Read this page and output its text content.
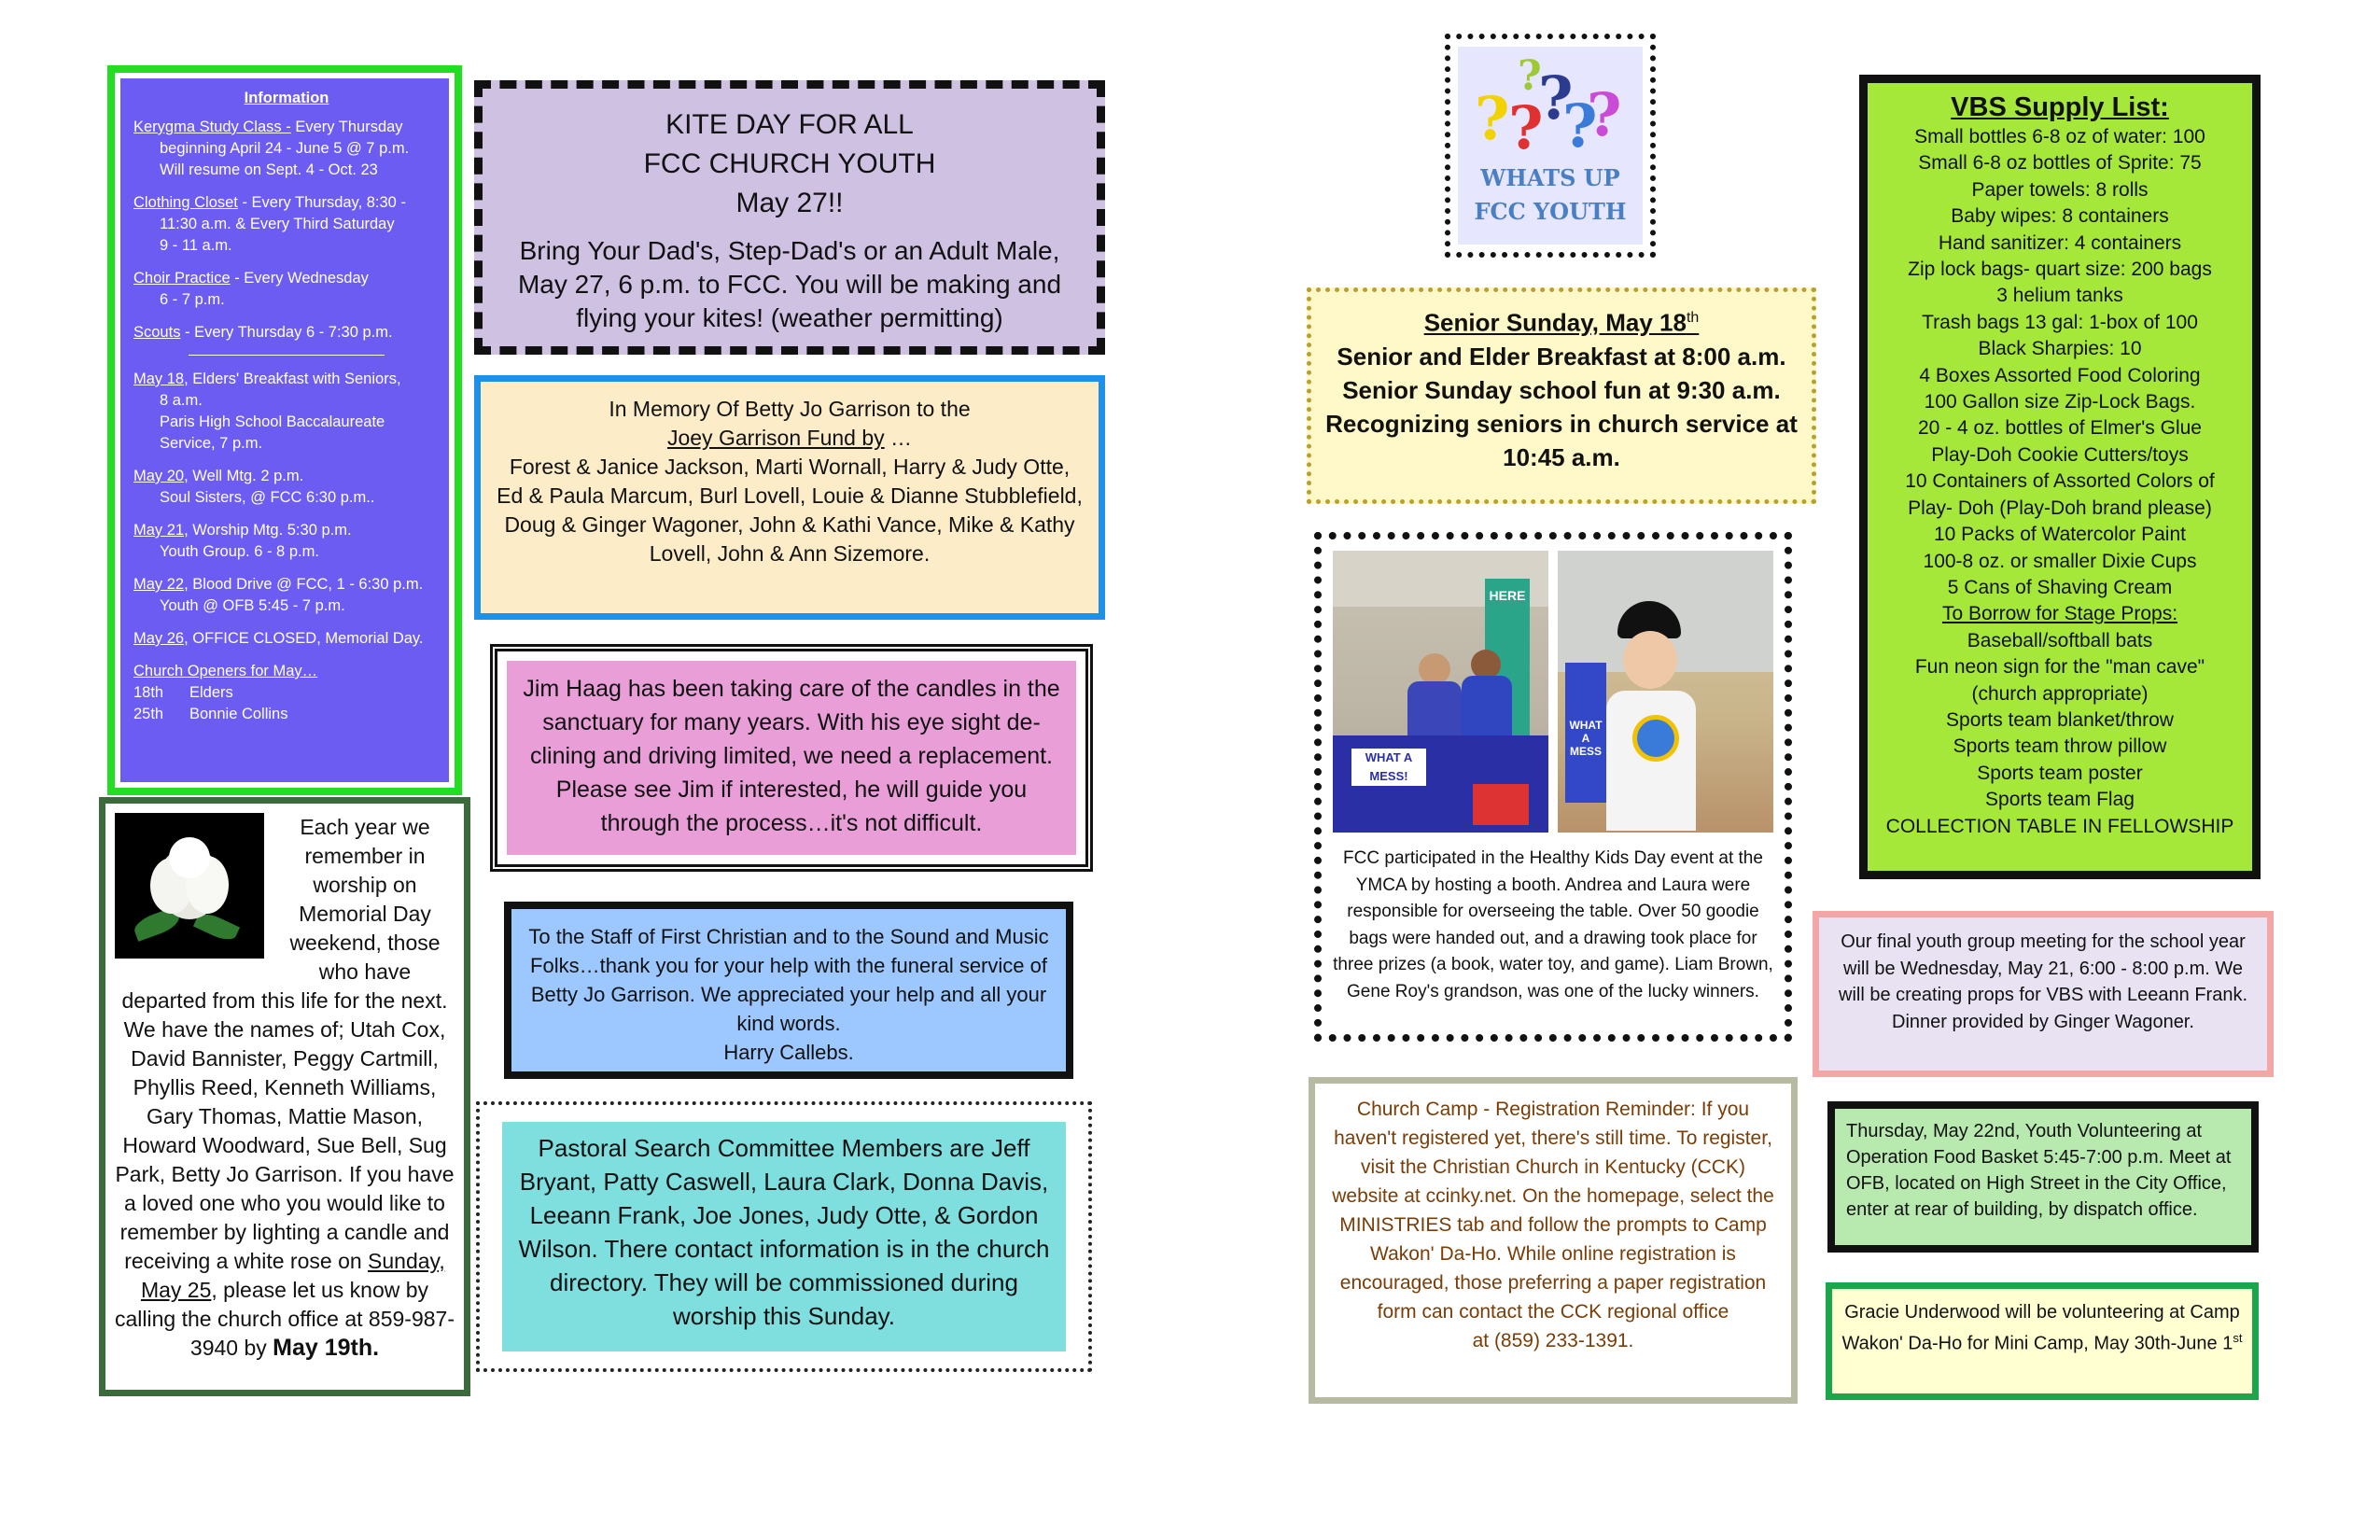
Information
Kerygma Study Class - Every Thursday
beginning April 24 - June 5 @ 7 p.m.
Will resume on Sept. 4 - Oct. 23
Clothing Closet - Every Thursday, 8:30 -
11:30 a.m. & Every Third Saturday
9 - 11 a.m.
Choir Practice - Every Wednesday
6 - 7 p.m.
Scouts - Every Thursday 6 - 7:30 p.m.
May 18, Elders' Breakfast with Seniors,
8 a.m.
Paris High School Baccalaureate
Service, 7 p.m.
May 20, Well Mtg. 2 p.m.
Soul Sisters, @ FCC 6:30 p.m..
May 21, Worship Mtg. 5:30 p.m.
Youth Group. 6 - 8 p.m.
May 22, Blood Drive @ FCC, 1 - 6:30 p.m.
Youth @ OFB 5:45 - 7 p.m.
May 26, OFFICE CLOSED, Memorial Day.
Church Openers for May…
18th	Elders
25th	Bonnie Collins
KITE DAY FOR ALL
FCC CHURCH YOUTH
May 27!!

Bring Your Dad's, Step-Dad's or an Adult Male, May 27, 6 p.m. to FCC. You will be making and flying your kites! (weather permitting)

In Memory Of Betty Jo Garrison to the

Joey Garrison Fund by …

Forest & Janice Jackson, Marti Wornall, Harry & Judy Otte, Ed & Paula Marcum, Burl Lovell, Louie & Dianne Stubblefield, Doug & Ginger Wagoner, John & Kathi Vance, Mike & Kathy Lovell, John & Ann Sizemore.

Jim Haag has been taking care of the candles in the sanctuary for many years. With his eye sight de-clining and driving limited, we need a replacement. Please see Jim if interested, he will guide you through the process…it's not difficult.

To the Staff of First Christian and to the Sound and Music Folks…thank you for your help with the funeral service of Betty Jo Garrison. We appreciated your help and all your kind words.

Harry Callebs.

Each year we remember in worship on Memorial Day weekend, those who have departed from this life for the next. We have the names of; Utah Cox, David Bannister, Peggy Cartmill, Phyllis Reed, Kenneth Williams, Gary Thomas, Mattie Mason, Howard Woodward, Sue Bell, Sug Park, Betty Jo Garrison. If you have a loved one who you would like to remember by lighting a candle and receiving a white rose on Sunday, May 25, please let us know by calling the church office at 859-987-3940 by May 19th.

Pastoral Search Committee Members are Jeff Bryant, Patty Caswell, Laura Clark, Donna Davis, Leeann Frank, Joe Jones, Judy Otte, & Gordon Wilson. There contact information is in the church directory. They will be commissioned during worship this Sunday.

?
?
?
?
?
?
WHATS UP
FCC YOUTH

Senior Sunday, May 18th

Senior and Elder Breakfast at 8:00 a.m.
Senior Sunday school fun at 9:30 a.m.
Recognizing seniors in church service at 10:45 a.m.
HERE
WHAT A MESS!
WHAT A MESS

FCC participated in the Healthy Kids Day event at the YMCA by hosting a booth. Andrea and Laura were responsible for overseeing the table. Over 50 goodie bags were handed out, and a drawing took place for three prizes (a book, water toy, and game). Liam Brown, Gene Roy's grandson, was one of the lucky winners.

Church Camp - Registration Reminder: If you haven't registered yet, there's still time. To register, visit the Christian Church in Kentucky (CCK) website at ccinky.net. On the homepage, select the MINISTRIES tab and follow the prompts to Camp Wakon' Da-Ho. While online registration is encouraged, those preferring a paper registration form can contact the CCK regional office

at (859) 233-1391.

VBS Supply List:
Small bottles 6-8 oz of water: 100
Small 6-8 oz bottles of Sprite: 75
Paper towels: 8 rolls
Baby wipes: 8 containers
Hand sanitizer: 4 containers
Zip lock bags- quart size: 200 bags
3 helium tanks
Trash bags 13 gal: 1-box of 100
Black Sharpies: 10
4 Boxes Assorted Food Coloring
100 Gallon size Zip-Lock Bags.
20 - 4 oz. bottles of Elmer's Glue
Play-Doh Cookie Cutters/toys
10 Containers of Assorted Colors of
Play- Doh (Play-Doh brand please)
10 Packs of Watercolor Paint
100-8 oz. or smaller Dixie Cups
5 Cans of Shaving Cream
To Borrow for Stage Props:
Baseball/softball bats
Fun neon sign for the "man cave"
(church appropriate)
Sports team blanket/throw
Sports team throw pillow
Sports team poster
Sports team Flag
COLLECTION TABLE IN FELLOWSHIP

Our final youth group meeting for the school year will be Wednesday, May 21, 6:00 - 8:00 p.m. We will be creating props for VBS with Leeann Frank. Dinner provided by Ginger Wagoner.

Thursday, May 22nd, Youth Volunteering at Operation Food Basket 5:45-7:00 p.m. Meet at OFB, located on High Street in the City Office, enter at rear of building, by dispatch office.

Gracie Underwood will be volunteering at Camp Wakon' Da-Ho for Mini Camp, May 30th-June 1st
